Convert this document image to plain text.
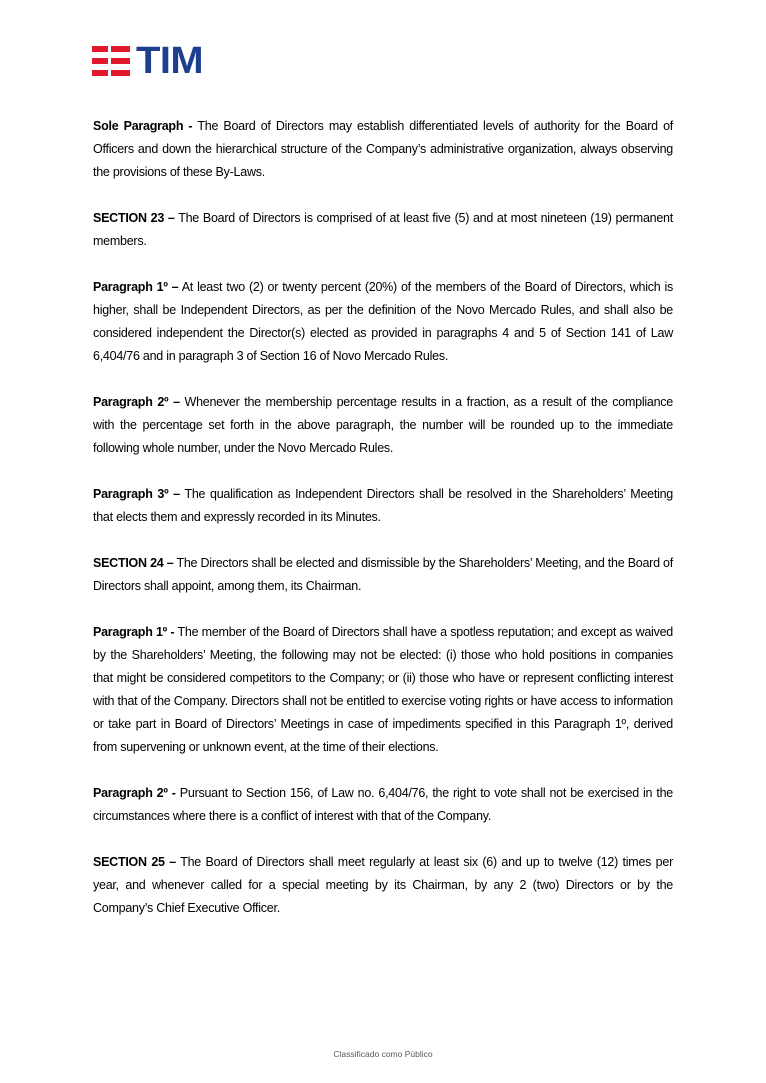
TIM

Sole Paragraph - The Board of Directors may establish differentiated levels of authority for the Board of Officers and down the hierarchical structure of the Company’s administrative organization, always observing the provisions of these By-Laws.

SECTION 23 – The Board of Directors is comprised of at least five (5) and at most nineteen (19) permanent members.

Paragraph 1º – At least two (2) or twenty percent (20%) of the members of the Board of Directors, which is higher, shall be Independent Directors, as per the definition of the Novo Mercado Rules, and shall also be considered independent the Director(s) elected as provided in paragraphs 4 and 5 of Section 141 of Law 6,404/76 and in paragraph 3 of Section 16 of Novo Mercado Rules.

Paragraph 2º – Whenever the membership percentage results in a fraction, as a result of the compliance with the percentage set forth in the above paragraph, the number will be rounded up to the immediate following whole number, under the Novo Mercado Rules.

Paragraph 3º – The qualification as Independent Directors shall be resolved in the Shareholders’ Meeting that elects them and expressly recorded in its Minutes.

SECTION 24 – The Directors shall be elected and dismissible by the Shareholders’ Meeting, and the Board of Directors shall appoint, among them, its Chairman.

Paragraph 1º - The member of the Board of Directors shall have a spotless reputation; and except as waived by the Shareholders’ Meeting, the following may not be elected: (i) those who hold positions in companies that might be considered competitors to the Company; or (ii) those who have or represent conflicting interest with that of the Company. Directors shall not be entitled to exercise voting rights or have access to information or take part in Board of Directors’ Meetings in case of impediments specified in this Paragraph 1º, derived from supervening or unknown event, at the time of their elections.

Paragraph 2º - Pursuant to Section 156, of Law no. 6,404/76, the right to vote shall not be exercised in the circumstances where there is a conflict of interest with that of the Company.

SECTION 25 – The Board of Directors shall meet regularly at least six (6) and up to twelve (12) times per year, and whenever called for a special meeting by its Chairman, by any 2 (two) Directors or by the Company’s Chief Executive Officer.

Classificado como Público
